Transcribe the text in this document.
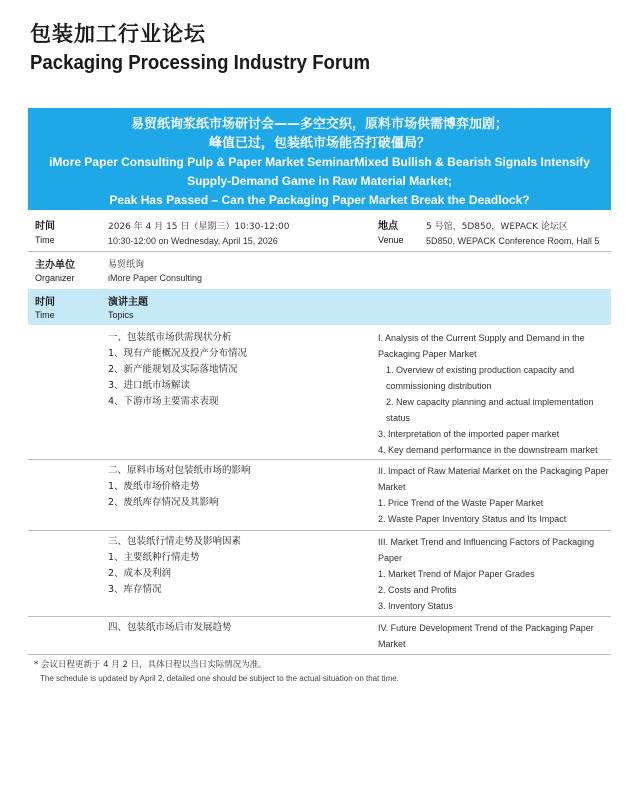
包装加工行业论坛
Packaging Processing Industry Forum
易贸纸询浆纸市场研讨会——多空交织，原料市场供需博弈加剧；
峰值已过，包装纸市场能否打破僵局？
iMore Paper Consulting Pulp & Paper Market SeminarMixed Bullish & Bearish Signals Intensify
Supply-Demand Game in Raw Material Market;
Peak Has Passed – Can the Packaging Paper Market Break the Deadlock?
时间
Time
2026 年 4 月 15 日（星期三）10:30-12:00
10:30-12:00 on Wednesday, April 15, 2026
地点
Venue
5 号馆，5D850，WEPACK 论坛区
5D850, WEPACK Conference Room, Hall 5
主办单位
Organizer
易贸纸询
iMore Paper Consulting
时间
Time
演讲主题
Topics
一、包装纸市场供需现状分析
1、现有产能概况及投产分布情况
2、新产能规划及实际落地情况
3、进口纸市场解读
4、下游市场主要需求表现
I. Analysis of the Current Supply and Demand in the Packaging Paper Market
1. Overview of existing production capacity and commissioning distribution
2. New capacity planning and actual implementation status
3. Interpretation of the imported paper market
4. Key demand performance in the downstream market
二、原料市场对包装纸市场的影响
1、废纸市场价格走势
2、废纸库存情况及其影响
II. Impact of Raw Material Market on the Packaging Paper Market
1. Price Trend of the Waste Paper Market
2. Waste Paper Inventory Status and Its Impact
三、包装纸行情走势及影响因素
1、主要纸种行情走势
2、成本及利润
3、库存情况
III. Market Trend and Influencing Factors of Packaging Paper
1. Market Trend of Major Paper Grades
2. Costs and Profits
3. Inventory Status
四、包装纸市场后市发展趋势	IV. Future Development Trend of the Packaging Paper Market
* 会议日程更新于 4 月 2 日，具体日程以当日实际情况为准。
The schedule is updated by April 2, detailed one should be subject to the actual situation on that time.
